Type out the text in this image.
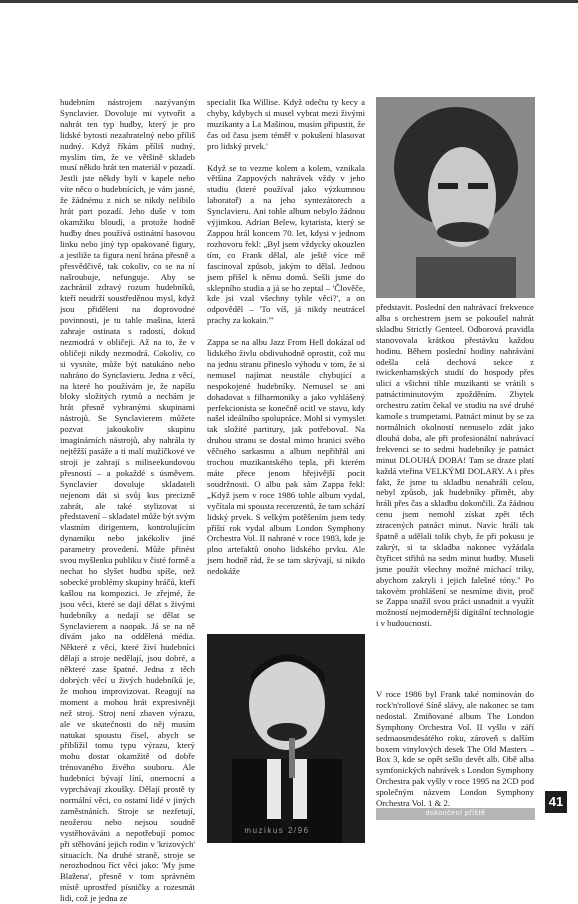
hudebním nástrojem nazývaným Synclavier. Dovoluje mi vytvořit a nahrát ten typ hudby, který je pro lidské bytosti nezahratelný nebo příliš nudný. Když říkám příliš nudný, myslím tím, že ve většině skladeb musí někdo hrát ten materiál v pozadí. Jestli jste někdy byli v kapele nebo víte něco o hudebnících, je vám jasné, že žádnému z nich se nikdy nelíbilo hrát part pozadí. Jeho duše v tom okamžiku bloudí, a protože hodně hudby dnes používá ostinátní basovou linku nebo jiný typ opakované figury, a jestliže ta figura není hrána přesně a přesvědčivě, tak cokoliv, co se na ní našroubuje, nefunguje. Aby se zachránil zdravý rozum hudebníků, kteří neudrží soustředěnou mysl, když jsou přiděleni na doprovodné povinnosti, je tu tahle mašina, která zahraje ostinata s radostí, dokud nezmodrá v obličeji. Až na to, že v obličeji nikdy nezmodrá. Cokoliv, co si vysníte, může být natukáno nebo nahráno do Synclavieru. Jedna z věcí, na které ho používám je, že napíšu bloky složitých rytmů a nechám je hrát přesně vybranými skupinami nástrojů. Se Synclavierem můžete pozvat jakoukoliv skupinu imaginárních nástrojů, aby nahrála ty nejtěžší pasáže a ti malí mužíčkové ve stroji je zahrají s miliseekundovou přesností – a pokaždé s úsměvem. Synclavier dovoluje skladateli nejenom dát si svůj kus precizně zahrát, ale také stylizovat si představení – skladatel může být svým vlastním dirigentem, kontrolujícím dynamiku nebo jakékoliv jiné parametry provedení. Může přinést svou myšlenku publiku v čisté formě a nechat ho slyšet hudbu spíše, než sobecké problémy skupiny hráčů, kteří kašlou na kompozici. Je zřejmé, že jsou věci, které se dají dělat s živými hudebníky a nedají se dělat se Synclavierem a naopak. Já se na ně dívám jako na oddělená média. Některé z věcí, které živí hudebníci dělají a stroje nedělají, jsou dobré, a některé zase špatné. Jedna z těch dobrých věcí u živých hudebníků je, že mohou improvizovat. Reagují na moment a mohou hrát expresivněji než stroj. Stroj není zbaven výrazu, ale ve skutečnosti do něj musím natukat spoustu čísel, abych se přiblížil tomu typu výrazu, který mohu dostat okamžitě od dobře trénovaného živého souboru. Ale hudebníci bývají líní, onemocní a vyprchávají zkoušky. Dělají prostě ty normální věci, co ostatní lidé v jiných zaměstnáních. Stroje se nezfetují, neožerou nebo nejsou soudně vystěhováváni a nepotřebují pomoc při stěhování jejich rodin v 'krizových' situacích. Na druhé straně, stroje se nerozhodnou říct věci jako: 'My jsme Blažena', přesně v tom správném místě uprostřed písničky a rozesmát lidi, což je jedna ze

specialit Ika Willise. Když odečtu ty kecy a chyby, kdybych si musel vybrat mezi živými muzikanty a La Mašinou, musím připustit, že čas od času jsem téměř v pokušení hlasovat pro lidský prvek.'

Když se to vezme kolem a kolem, vznikala většina Zappových nahrávek vždy v jeho studiu (které používal jako výzkumnou laboratoř) a na jeho syntezátorech a Synclavieru. Ani tohle album nebylo žádnou výjimkou. Adrian Belew, kytarista, který se Zappou hrál koncem 70. let, kdysi v jednom rozhovoru řekl: „Byl jsem vždycky okouzlen tím, co Frank dělal, ale ještě více mě fascinoval způsob, jakým to dělal. Jednou jsem přišel k němu domů. Sešli jsme do sklepního studia a já se ho zeptal – 'Člověče, kde jsi vzal všechny tyhle věci?', a on odpověděl – 'To víš, já nikdy neutrácel prachy za kokain.'"

Zappa se na albu Jazz From Hell dokázal od lidského živlu obdivuhodně oprostit, což mu na jednu stranu přineslo výhodu v tom, že si nemusel najímat neustále chybující a nespokojené hudebníky. Nemusel se ani dohadovat s filharmoniky a jako vyhlášený perfekcionista se konečně ocitl ve stavu, kdy našel ideálního spolupráce. Mohl si vymyslet tak složité partitury, jak potřeboval. Na druhou stranu se dostal mimo hranici svého věčného sarkasmu a album nepřihřál ani trochou muzikantského tepla, při kterém máte přece jenom hřejivější pocit soudržnosti. O albu pak sám Zappa řekl: „Když jsem v roce 1986 tohle album vydal, vyčítala mi spousta recenzentů, že tam schází lidský prvek. S velkým potěšením jsem tedy příští rok vydal album London Symphony Orchestra Vol. II nahrané v roce 1983, kde je plno artefaktů onoho lidského prvku. Ale jsem hodně rád, že se tam skrývají, si nikdo nedokáže

představit. Poslední den nahrávací frekvence alba s orchestrem jsem se pokoušel nahrát skladbu Strictly Genteel. Odborová pravidla stanovovala krátkou přestávku každou hodinu. Během poslední hodiny nahrávání odešla celá dechová sekce z twickenhamských studií do hospody přes ulici a všichni tihle muzikanti se vrátili s patnáctiminutovým zpožděním. Zbytek orchestru zatím čekal ve studiu na své druhé kamoše s trumpetami. Patnáct minut by se za normálních okolností nemuselo zdát jako dlouhá doba, ale při profesionální nahrávací frekvenci se to sedmi hudebníky je patnáct minut DLOUHÁ DOBA! Tam se draze platí každá vteřina VELKÝMI DOLARY. A i přes fakt, že jsme tu skladbu nenahráli celou, nebyl způsob, jak hudebníky přimět, aby hráli přes čas a skladbu dokončili. Za žádnou cenu jsem nemohl získat zpět těch ztracených patnáct minut. Navíc hráli tak špatně a udělali tolik chyb, že při pokusu je zakrýt, si ta skladba nakonec vyžádala čtyřicet střihů na sedm minut hudby. Museli jsme použít všechny možné míchací triky, abychom zakryli i jejich falešné tóny." Po takovém prohlášení se nesmíme divit, proč se Zappa snažil svou práci usnadnit a využít možností nejmodernější digitální technologie i v budoucnosti.

V roce 1986 byl Frank také nominován do rock'n'rollové Síně slávy, ale nakonec se tam nedostal. Zmiňované album The London Symphony Orchestra Vol. II vyšlo v září sedmaosmdesátého roku, zároveň s dalším boxem vinylových desek The Old Masters – Box 3, kde se opět sešlo devět alb. Obě alba symfonických nahrávek s London Symphony Orchestra pak vyšly v roce 1995 na 2CD pod společným názvem London Symphony Orchestra Vol. 1 & 2.

dokončení příště
41
muzikus 2/96
